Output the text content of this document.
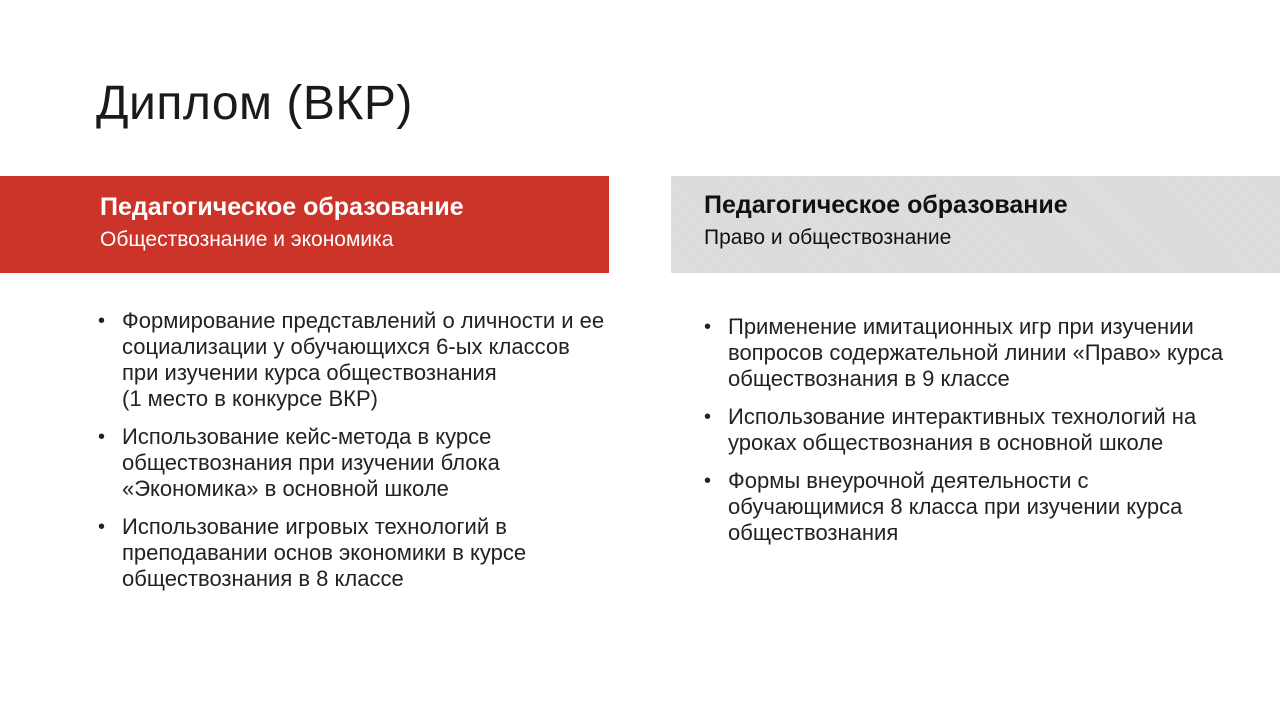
Диплом (ВКР)
Педагогическое образование
Обществознание и экономика
Педагогическое образование
Право и обществознание
• Формирование представлений о личности и ее социализации у обучающихся 6-ых классов при изучении курса обществознания
(1 место в конкурсе ВКР)
• Использование кейс-метода в курсе обществознания при изучении блока «Экономика» в основной школе
• Использование игровых технологий в преподавании основ экономики в курсе обществознания в 8 классе
• Применение имитационных игр при изучении вопросов содержательной линии «Право» курса обществознания в 9 классе
• Использование интерактивных технологий на уроках обществознания в основной школе
• Формы внеурочной деятельности с обучающимися 8 класса при изучении курса обществознания
